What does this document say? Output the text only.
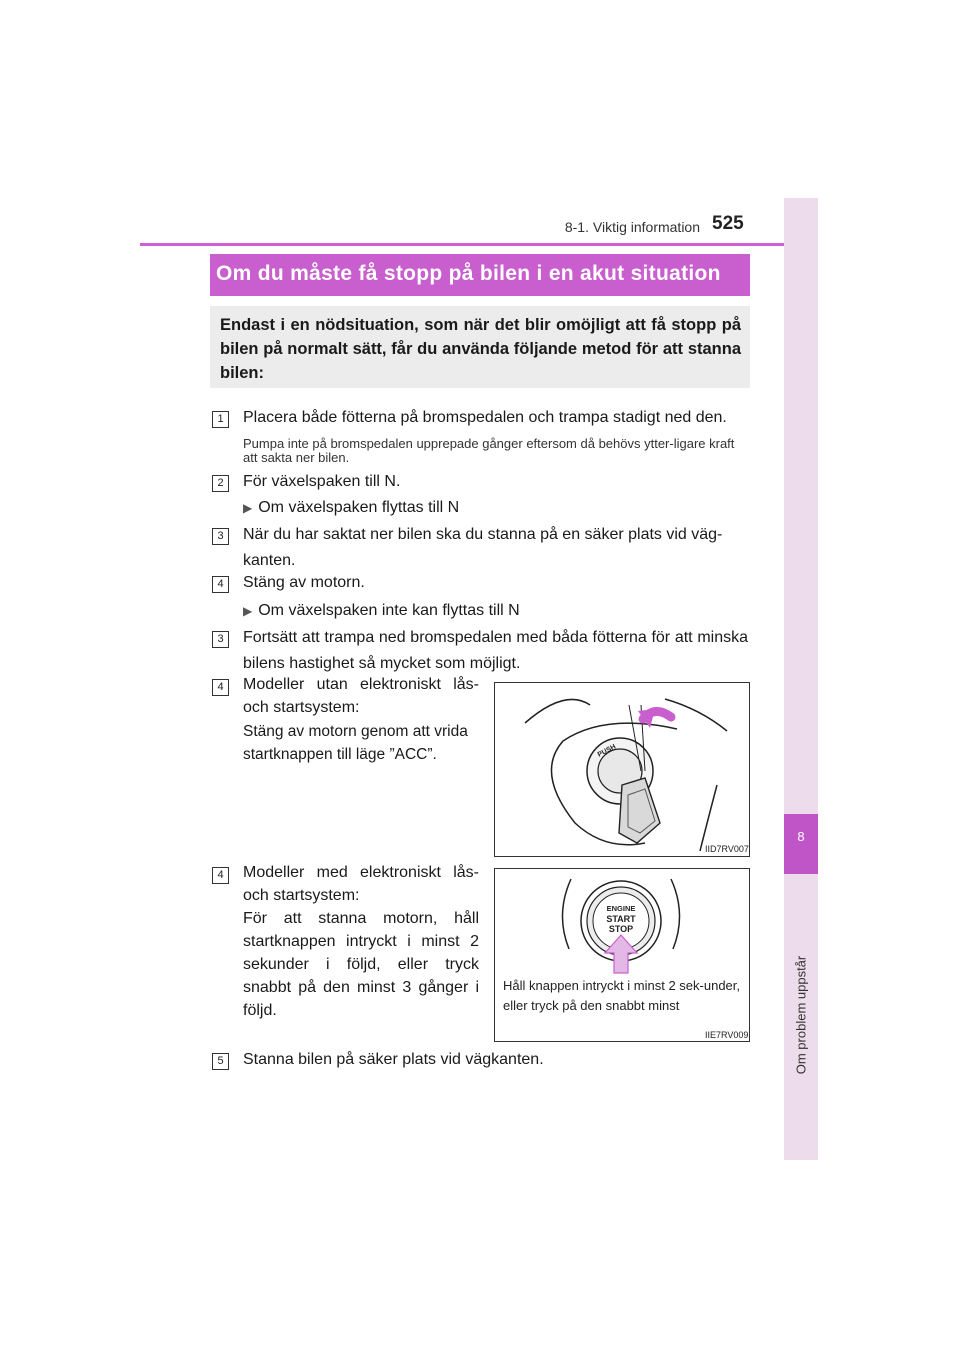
8-1. Viktig information 525
8
Om problem uppstår
Om du måste få stopp på bilen i en akut situation
Endast i en nödsituation, som när det blir omöjligt att få stopp på bilen på normalt sätt, får du använda följande metod för att stanna bilen:
1	Placera både fötterna på bromspedalen och trampa stadigt ned den.
Pumpa inte på bromspedalen upprepade gånger eftersom då behövs ytter-ligare kraft att sakta ner bilen.
2	För växelspaken till N.
▶ Om växelspaken flyttas till N
3	När du har saktat ner bilen ska du stanna på en säker plats vid väg-kanten.
4	Stäng av motorn.
▶ Om växelspaken inte kan flyttas till N
3	Fortsätt att trampa ned bromspedalen med båda fötterna för att minska bilens hastighet så mycket som möjligt.
4	Modeller utan elektroniskt lås- och startsystem:
Stäng av motorn genom att vrida startknappen till läge ”ACC”.	PUSH
IID7RV007
4	Modeller med elektroniskt lås- och startsystem:
För att stanna motorn, håll startknappen intryckt i minst 2 sekunder i följd, eller tryck snabbt på den minst 3 gånger i följd.
ENGINE
START
STOP
Håll knappen intryckt i minst 2 sek-under, eller tryck på den snabbt minst
IIE7RV009
5	Stanna bilen på säker plats vid vägkanten.
